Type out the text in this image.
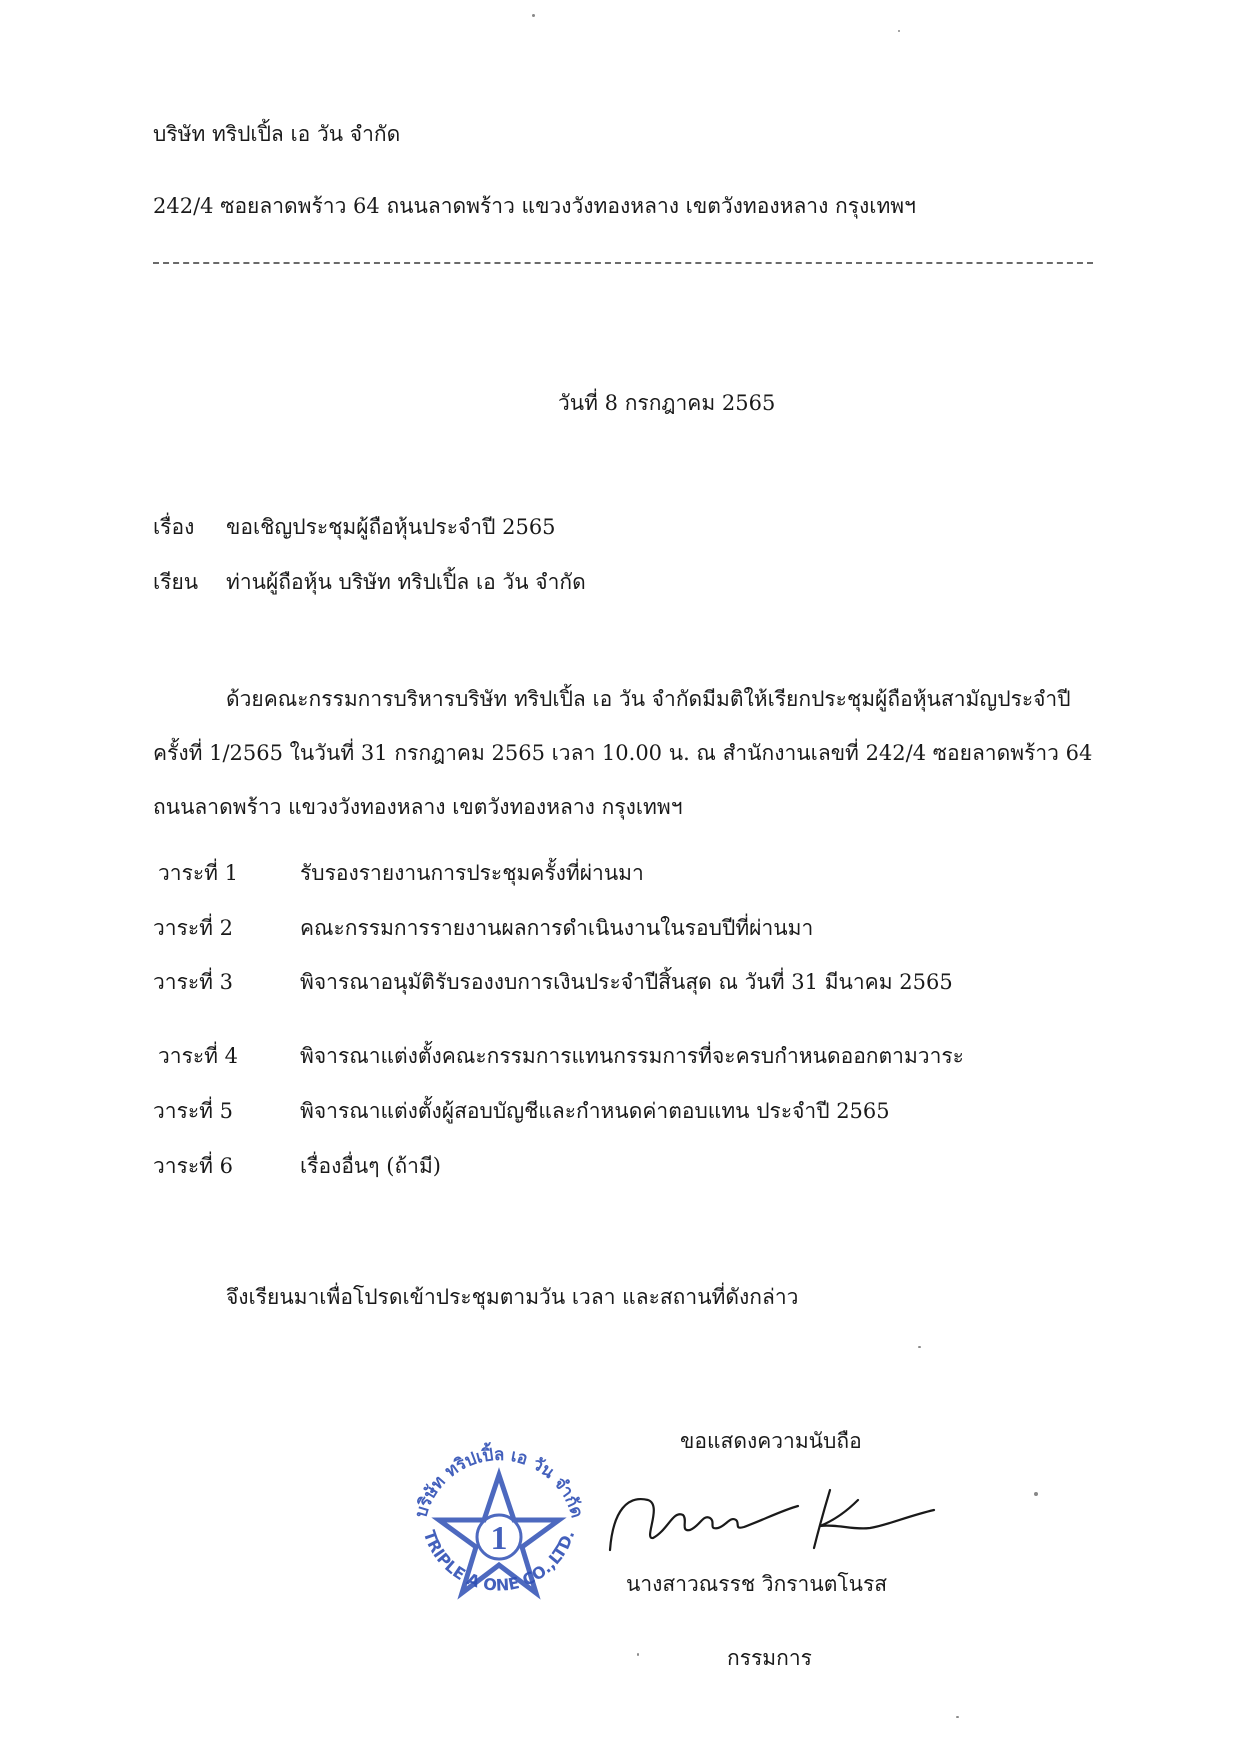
บริษัท ทริปเปิ้ล เอ วัน จำกัด
242/4 ซอยลาดพร้าว 64 ถนนลาดพร้าว แขวงวังทองหลาง เขตวังทองหลาง กรุงเทพฯ
วันที่ 8 กรกฎาคม 2565
เรื่อง ขอเชิญประชุมผู้ถือหุ้นประจำปี 2565
เรียน ท่านผู้ถือหุ้น บริษัท ทริปเปิ้ล เอ วัน จำกัด
ด้วยคณะกรรมการบริหารบริษัท ทริปเปิ้ล เอ วัน จำกัดมีมติให้เรียกประชุมผู้ถือหุ้นสามัญประจำปี
ครั้งที่ 1/2565 ในวันที่ 31 กรกฎาคม 2565 เวลา 10.00 น. ณ สำนักงานเลขที่ 242/4 ซอยลาดพร้าว 64
ถนนลาดพร้าว แขวงวังทองหลาง เขตวังทองหลาง กรุงเทพฯ
วาระที่ 1	รับรองรายงานการประชุมครั้งที่ผ่านมา
วาระที่ 2	คณะกรรมการรายงานผลการดำเนินงานในรอบปีที่ผ่านมา
วาระที่ 3	พิจารณาอนุมัติรับรองงบการเงินประจำปีสิ้นสุด ณ วันที่ 31 มีนาคม 2565
วาระที่ 4	พิจารณาแต่งตั้งคณะกรรมการแทนกรรมการที่จะครบกำหนดออกตามวาระ
วาระที่ 5	พิจารณาแต่งตั้งผู้สอบบัญชีและกำหนดค่าตอบแทน ประจำปี 2565
วาระที่ 6	เรื่องอื่นๆ (ถ้ามี)
จึงเรียนมาเพื่อโปรดเข้าประชุมตามวัน เวลา และสถานที่ดังกล่าว
ขอแสดงความนับถือ
1
บริษัท ทริปเปิ้ล เอ วัน จำกัด
TRIPLE A ONE CO.,LTD.
นางสาวณรรช วิกรานตโนรส
กรรมการ
